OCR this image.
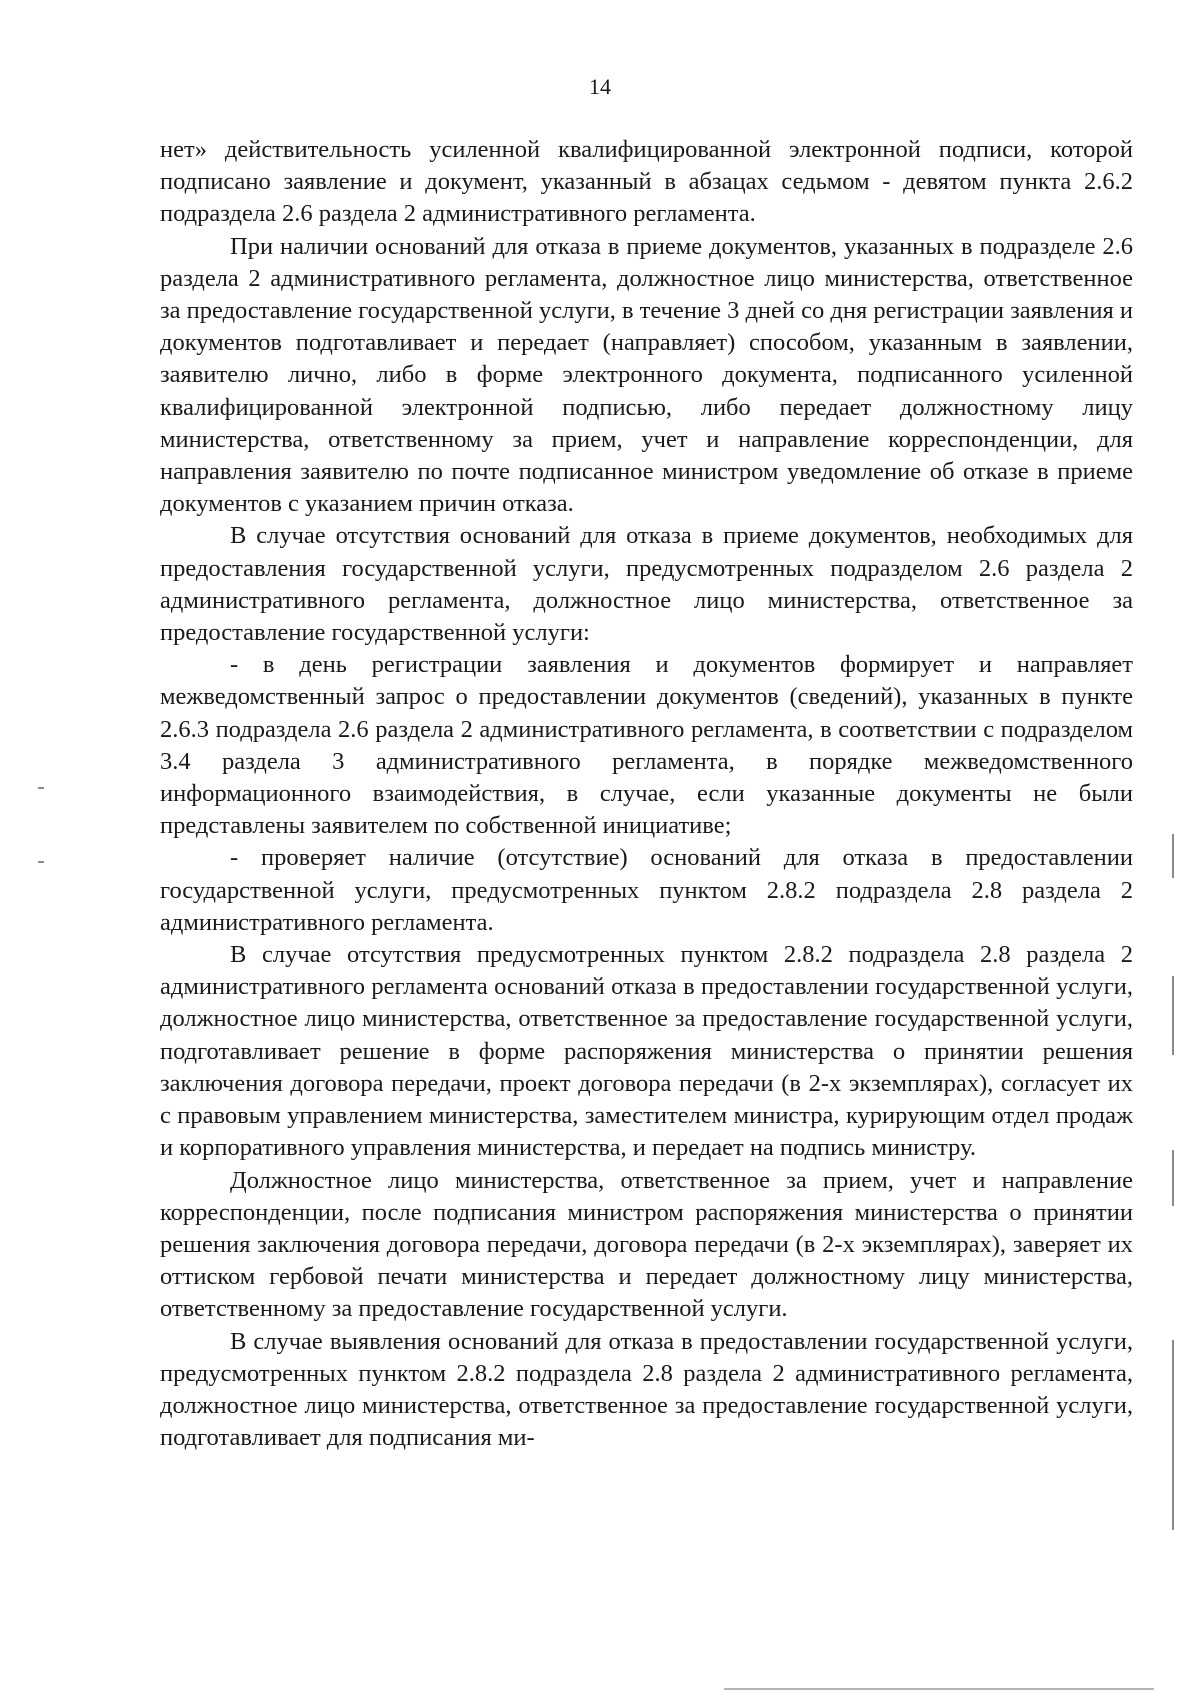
14

нет» действительность усиленной квалифицированной электронной подписи, которой подписано заявление и документ, указанный в абзацах седьмом - девятом пункта 2.6.2 подраздела 2.6 раздела 2 административного регламента.

При наличии оснований для отказа в приеме документов, указанных в подразделе 2.6 раздела 2 административного регламента, должностное лицо министерства, ответственное за предоставление государственной услуги, в течение 3 дней со дня регистрации заявления и документов подготавливает и передает (направляет) способом, указанным в заявлении, заявителю лично, либо в форме электронного документа, подписанного усиленной квалифицированной электронной подписью, либо передает должностному лицу министерства, ответственному за прием, учет и направление корреспонденции, для направления заявителю по почте подписанное министром уведомление об отказе в приеме документов с указанием причин отказа.

В случае отсутствия оснований для отказа в приеме документов, необходимых для предоставления государственной услуги, предусмотренных подразделом 2.6 раздела 2 административного регламента, должностное лицо министерства, ответственное за предоставление государственной услуги:

- в день регистрации заявления и документов формирует и направляет межведомственный запрос о предоставлении документов (сведений), указанных в пункте 2.6.3 подраздела 2.6 раздела 2 административного регламента, в соответствии с подразделом 3.4 раздела 3 административного регламента, в порядке межведомственного информационного взаимодействия, в случае, если указанные документы не были представлены заявителем по собственной инициативе;

- проверяет наличие (отсутствие) оснований для отказа в предоставлении государственной услуги, предусмотренных пунктом 2.8.2 подраздела 2.8 раздела 2 административного регламента.

В случае отсутствия предусмотренных пунктом 2.8.2 подраздела 2.8 раздела 2 административного регламента оснований отказа в предоставлении государственной услуги, должностное лицо министерства, ответственное за предоставление государственной услуги, подготавливает решение в форме распоряжения министерства о принятии решения заключения договора передачи, проект договора передачи (в 2-х экземплярах), согласует их с правовым управлением министерства, заместителем министра, курирующим отдел продаж и корпоративного управления министерства, и передает на подпись министру.

Должностное лицо министерства, ответственное за прием, учет и направление корреспонденции, после подписания министром распоряжения министерства о принятии решения заключения договора передачи, договора передачи (в 2-х экземплярах), заверяет их оттиском гербовой печати министерства и передает должностному лицу министерства, ответственному за предоставление государственной услуги.

В случае выявления оснований для отказа в предоставлении государственной услуги, предусмотренных пунктом 2.8.2 подраздела 2.8 раздела 2 административного регламента, должностное лицо министерства, ответственное за предоставление государственной услуги, подготавливает для подписания ми-
